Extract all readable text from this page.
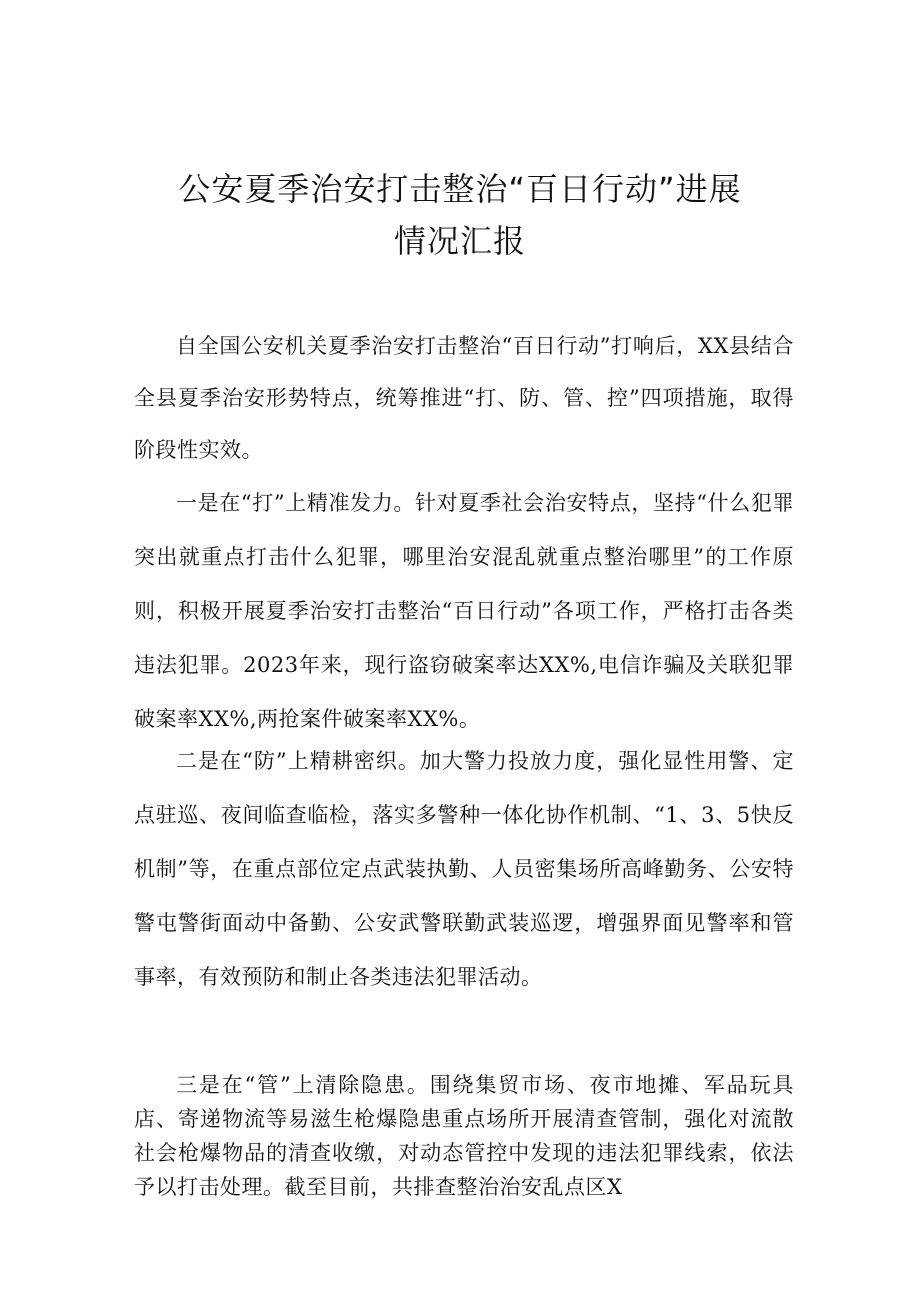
公安夏季治安打击整治“百日行动”进展
情况汇报

自全国公安机关夏季治安打击整治“百日行动”打响后，XX县结合全县夏季治安形势特点，统筹推进“打、防、管、控”四项措施，取得阶段性实效。

一是在“打”上精准发力。针对夏季社会治安特点，坚持“什么犯罪突出就重点打击什么犯罪，哪里治安混乱就重点整治哪里”的工作原则，积极开展夏季治安打击整治“百日行动”各项工作，严格打击各类违法犯罪。2023年来，现行盗窃破案率达XX%,电信诈骗及关联犯罪破案率XX%,两抢案件破案率XX%。

二是在“防”上精耕密织。加大警力投放力度，强化显性用警、定点驻巡、夜间临查临检，落实多警种一体化协作机制、“1、3、5快反机制”等，在重点部位定点武装执勤、人员密集场所高峰勤务、公安特警屯警街面动中备勤、公安武警联勤武装巡逻，增强界面见警率和管事率，有效预防和制止各类违法犯罪活动。

三是在“管”上清除隐患。围绕集贸市场、夜市地摊、军品玩具店、寄递物流等易滋生枪爆隐患重点场所开展清查管制，强化对流散社会枪爆物品的清查收缴，对动态管控中发现的违法犯罪线索，依法予以打击处理。截至目前，共排查整治治安乱点区X
